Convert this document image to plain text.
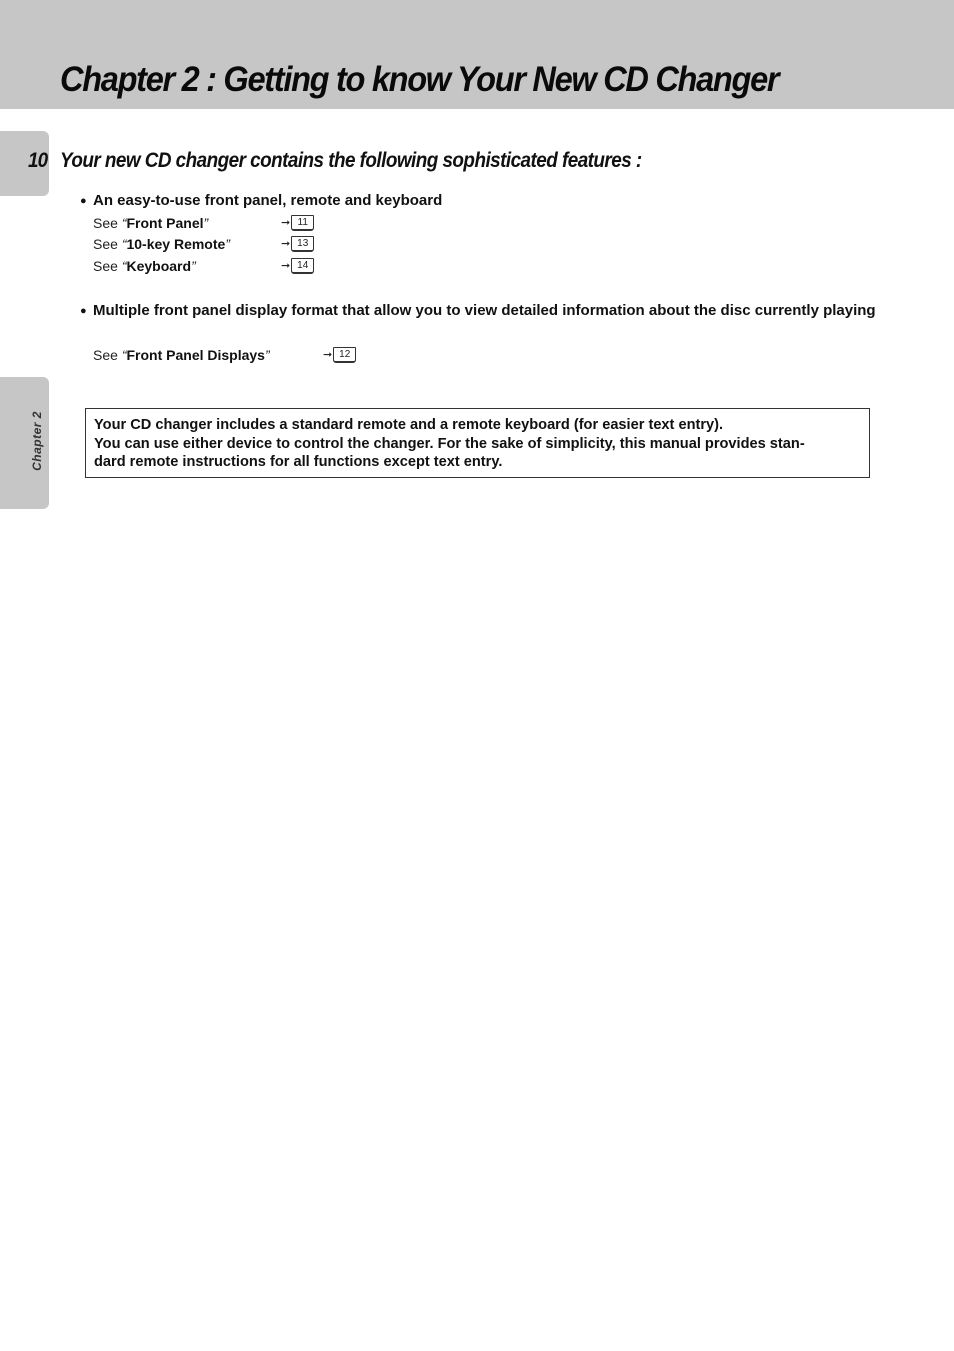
Chapter 2 : Getting to know Your New CD Changer
10
Chapter 2
Your new CD changer contains the following sophisticated features :
● An easy-to-use front panel, remote and keyboard
See “Front Panel”	➞ 11
See “10-key Remote”	➞ 13
See “Keyboard”	➞ 14
● Multiple front panel display format that allow you to view detailed information about the disc currently playing
See “Front Panel Displays”	➞ 12

Your CD changer includes a standard remote and a remote keyboard (for easier text entry).

You can use either device to control the changer. For the sake of simplicity, this manual provides stan-

dard remote instructions for all functions except text entry.
